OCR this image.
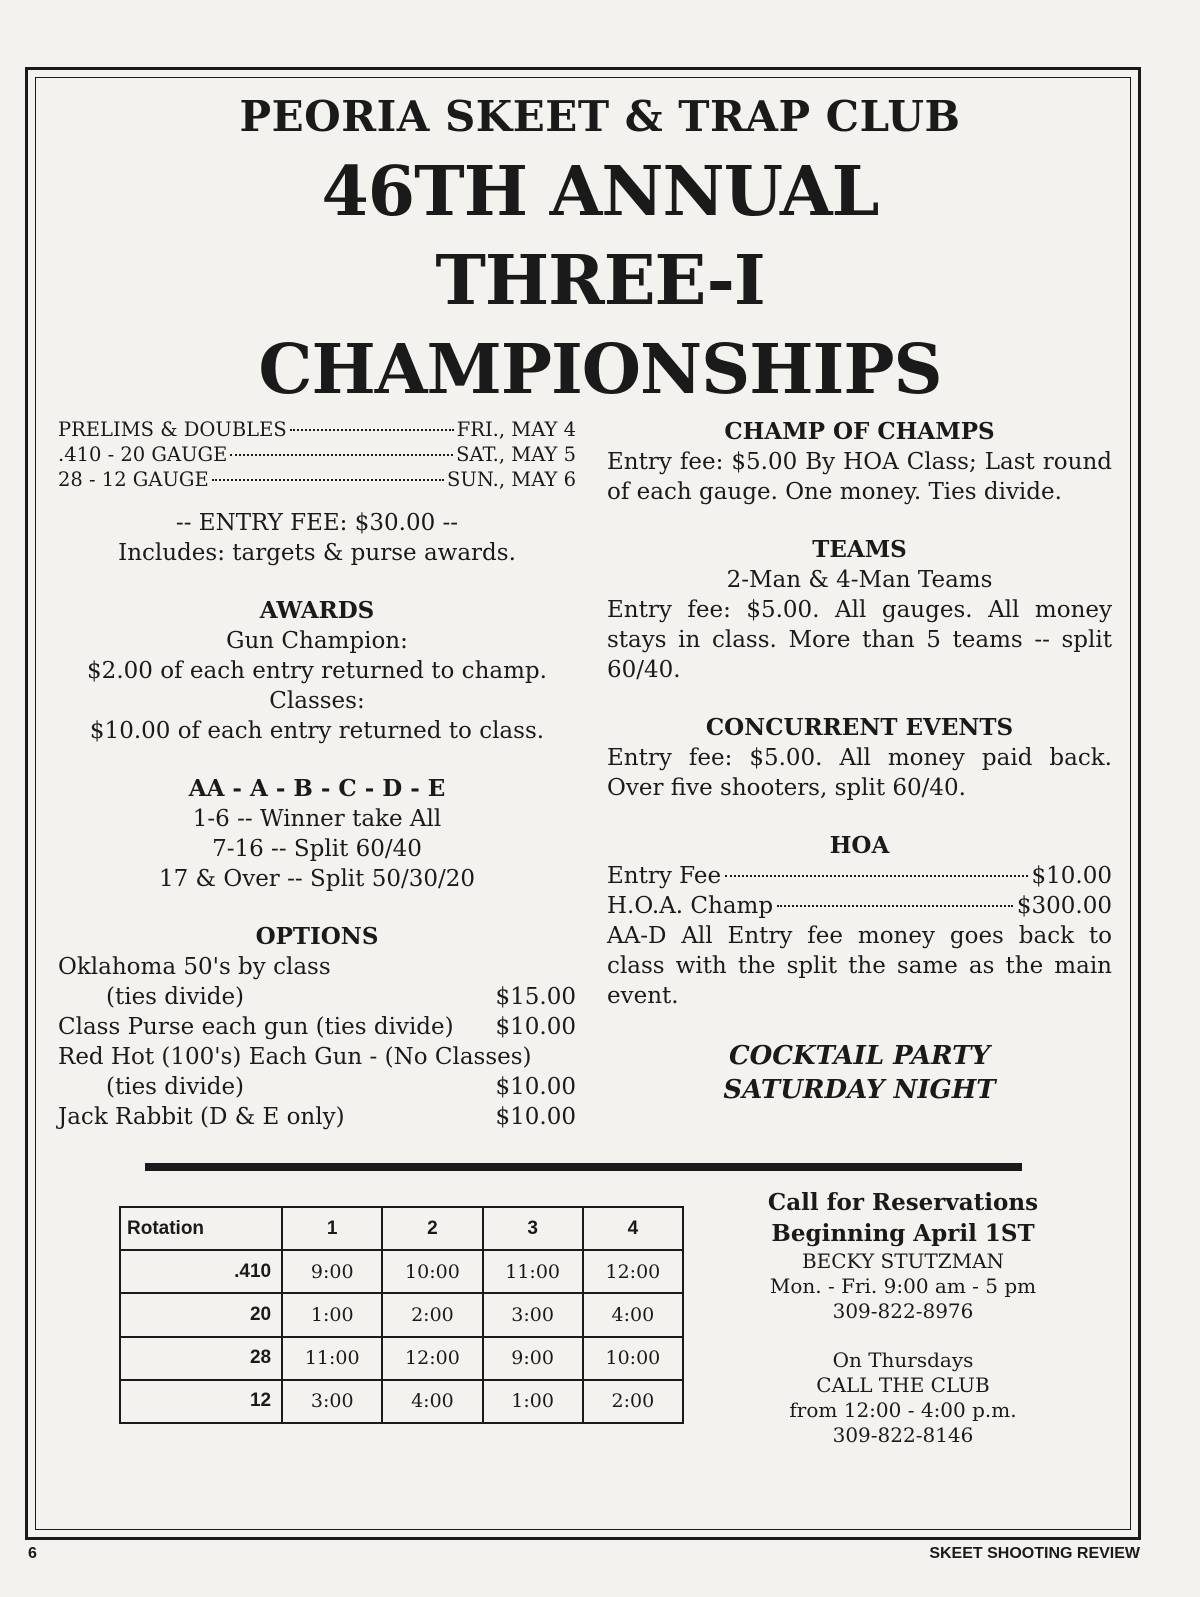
PEORIA SKEET & TRAP CLUB
46TH ANNUAL
THREE-I
CHAMPIONSHIPS
PRELIMS & DOUBLES	FRI., MAY 4
.410 - 20 GAUGE	SAT., MAY 5
28 - 12 GAUGE	SUN., MAY 6
-- ENTRY FEE: $30.00 --
Includes: targets & purse awards.
AWARDS
Gun Champion:
$2.00 of each entry returned to champ.
Classes:
$10.00 of each entry returned to class.
AA - A - B - C - D - E
1-6 -- Winner take All
7-16 -- Split 60/40
17 & Over -- Split 50/30/20
OPTIONS
Oklahoma 50's by class
(ties divide)	$15.00
Class Purse each gun (ties divide) $10.00
Red Hot (100's) Each Gun - (No Classes)
(ties divide)	$10.00
Jack Rabbit (D & E only)	$10.00
CHAMP OF CHAMPS
Entry fee: $5.00 By HOA Class; Last round of each gauge. One money. Ties divide.
TEAMS
2-Man & 4-Man Teams
Entry fee: $5.00. All gauges. All money stays in class. More than 5 teams -- split 60/40.
CONCURRENT EVENTS
Entry fee: $5.00. All money paid back. Over five shooters, split 60/40.
HOA
Entry Fee	$10.00
H.O.A. Champ	$300.00
AA-D All Entry fee money goes back to class with the split the same as the main event.
COCKTAIL PARTY
SATURDAY NIGHT
Rotation	1	2	3	4
.410	9:00	10:00	11:00	12:00
20	1:00	2:00	3:00	4:00
28	11:00	12:00	9:00	10:00
12	3:00	4:00	1:00	2:00
Call for Reservations
Beginning April 1ST
BECKY STUTZMAN
Mon. - Fri. 9:00 am - 5 pm
309-822-8976
On Thursdays
CALL THE CLUB
from 12:00 - 4:00 p.m.
309-822-8146
6	SKEET SHOOTING REVIEW
